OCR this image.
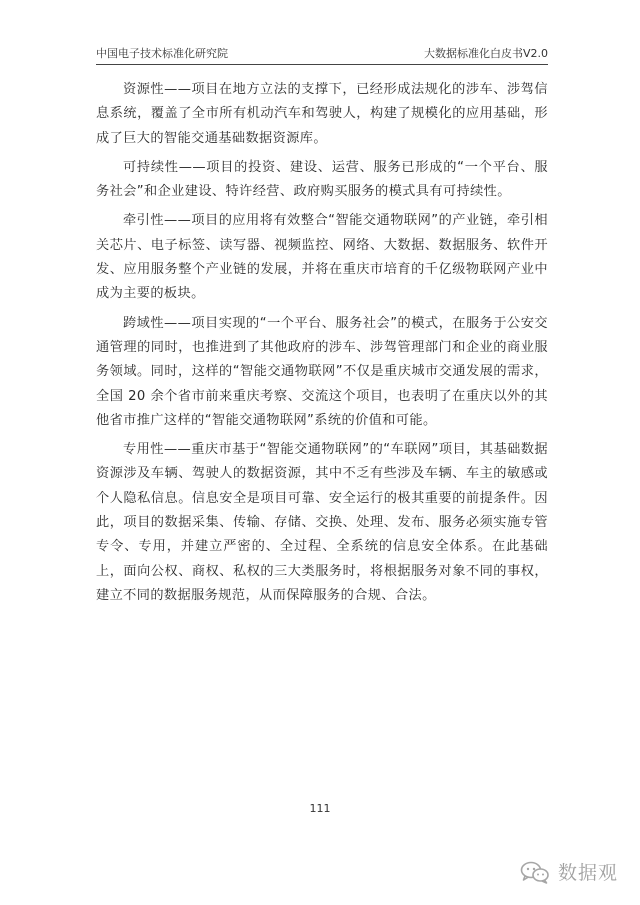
中国电子技术标准化研究院	大数据标准化白皮书V2.0

资源性——项目在地方立法的支撑下，已经形成法规化的涉车、涉驾信息系统，覆盖了全市所有机动汽车和驾驶人，构建了规模化的应用基础，形成了巨大的智能交通基础数据资源库。

可持续性——项目的投资、建设、运营、服务已形成的“一个平台、服务社会”和企业建设、特许经营、政府购买服务的模式具有可持续性。

牵引性——项目的应用将有效整合“智能交通物联网”的产业链，牵引相关芯片、电子标签、读写器、视频监控、网络、大数据、数据服务、软件开发、应用服务整个产业链的发展，并将在重庆市培育的千亿级物联网产业中成为主要的板块。

跨域性——项目实现的“一个平台、服务社会”的模式，在服务于公安交通管理的同时，也推进到了其他政府的涉车、涉驾管理部门和企业的商业服务领域。同时，这样的“智能交通物联网”不仅是重庆城市交通发展的需求，全国 20 余个省市前来重庆考察、交流这个项目，也表明了在重庆以外的其他省市推广这样的“智能交通物联网”系统的价值和可能。

专用性——重庆市基于“智能交通物联网”的“车联网”项目，其基础数据 资源涉及车辆、驾驶人的数据资源，其中不乏有些涉及车辆、车主的敏感或个人隐私信息。信息安全是项目可靠、安全运行的极其重要的前提条件。因此，项目的数据采集、传输、存储、交换、处理、发布、服务必须实施专管专令、专用，并建立严密的、全过程、全系统的信息安全体系。在此基础上，面向公权、商权、私权的三大类服务时，将根据服务对象不同的事权，建立不同的数据服务规范，从而保障服务的合规、合法。

111
数据观
